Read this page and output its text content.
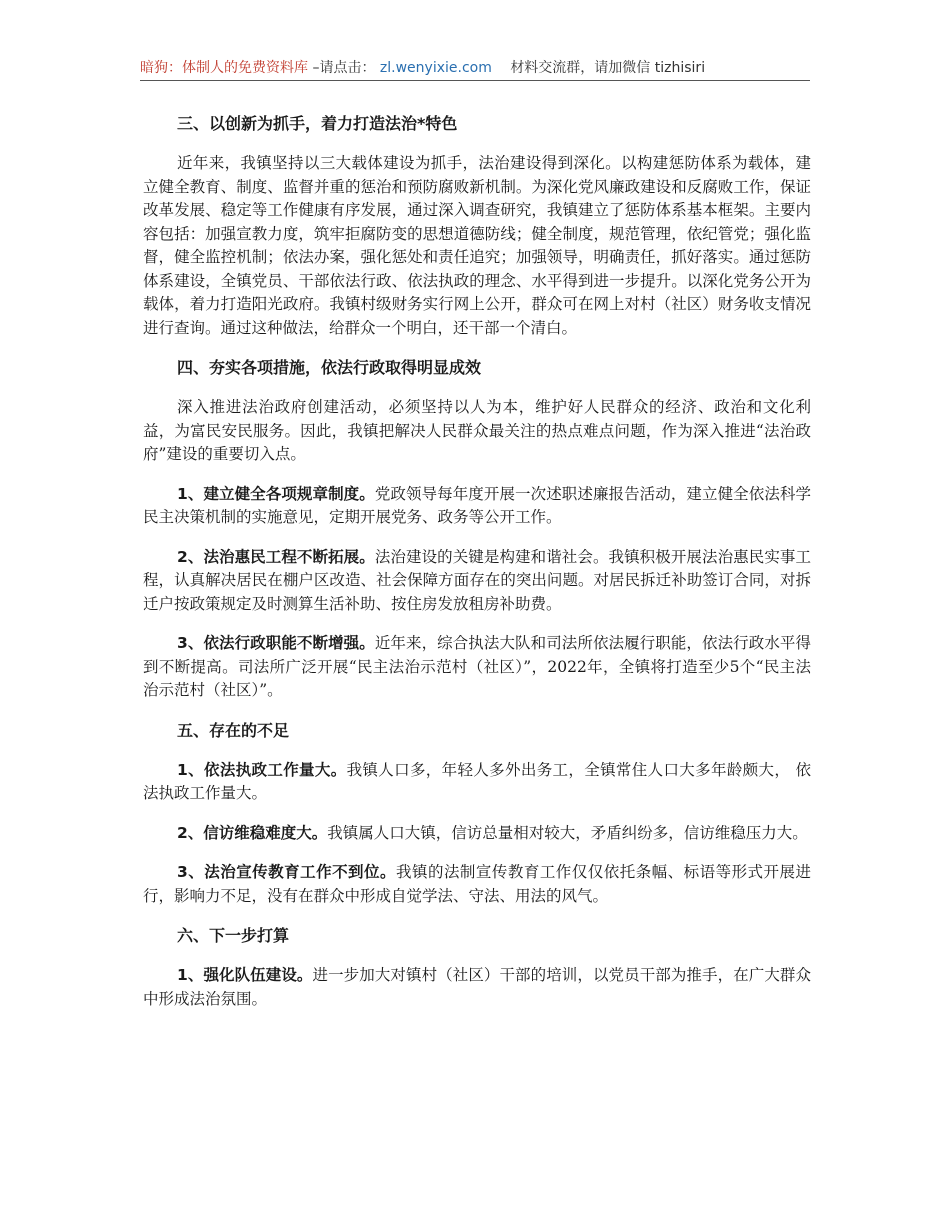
暗狗：体制人的免费资料库 –请点击： zl.wenyixie.com 材料交流群，请加微信 tizhisiri
三、以创新为抓手，着力打造法治*特色

近年来，我镇坚持以三大载体建设为抓手，法治建设得到深化。以构建惩防体系为载体，建立健全教育、制度、监督并重的惩治和预防腐败新机制。为深化党风廉政建设和反腐败工作，保证改革发展、稳定等工作健康有序发展，通过深入调查研究，我镇建立了惩防体系基本框架。主要内容包括：加强宣教力度，筑牢拒腐防变的思想道德防线；健全制度，规范管理，依纪管党；强化监督，健全监控机制；依法办案，强化惩处和责任追究；加强领导，明确责任，抓好落实。通过惩防体系建设，全镇党员、干部依法行政、依法执政的理念、水平得到进一步提升。以深化党务公开为载体，着力打造阳光政府。我镇村级财务实行网上公开，群众可在网上对村（社区）财务收支情况进行查询。通过这种做法，给群众一个明白，还干部一个清白。

四、夯实各项措施，依法行政取得明显成效

深入推进法治政府创建活动，必须坚持以人为本，维护好人民群众的经济、政治和文化利益，为富民安民服务。因此，我镇把解决人民群众最关注的热点难点问题，作为深入推进“法治政府”建设的重要切入点。

1、建立健全各项规章制度。党政领导每年度开展一次述职述廉报告活动，建立健全依法科学民主决策机制的实施意见，定期开展党务、政务等公开工作。

2、法治惠民工程不断拓展。法治建设的关键是构建和谐社会。我镇积极开展法治惠民实事工程，认真解决居民在棚户区改造、社会保障方面存在的突出问题。对居民拆迁补助签订合同，对拆迁户按政策规定及时测算生活补助、按住房发放租房补助费。

3、依法行政职能不断增强。近年来，综合执法大队和司法所依法履行职能，依法行政水平得到不断提高。司法所广泛开展“民主法治示范村（社区）”，2022年，全镇将打造至少5个“民主法治示范村（社区）”。

五、存在的不足

1、依法执政工作量大。我镇人口多，年轻人多外出务工，全镇常住人口大多年龄颇大， 依法执政工作量大。

2、信访维稳难度大。我镇属人口大镇，信访总量相对较大，矛盾纠纷多，信访维稳压力大。

3、法治宣传教育工作不到位。我镇的法制宣传教育工作仅仅依托条幅、标语等形式开展进行，影响力不足，没有在群众中形成自觉学法、守法、用法的风气。

六、下一步打算

1、强化队伍建设。进一步加大对镇村（社区）干部的培训，以党员干部为推手，在广大群众中形成法治氛围。
